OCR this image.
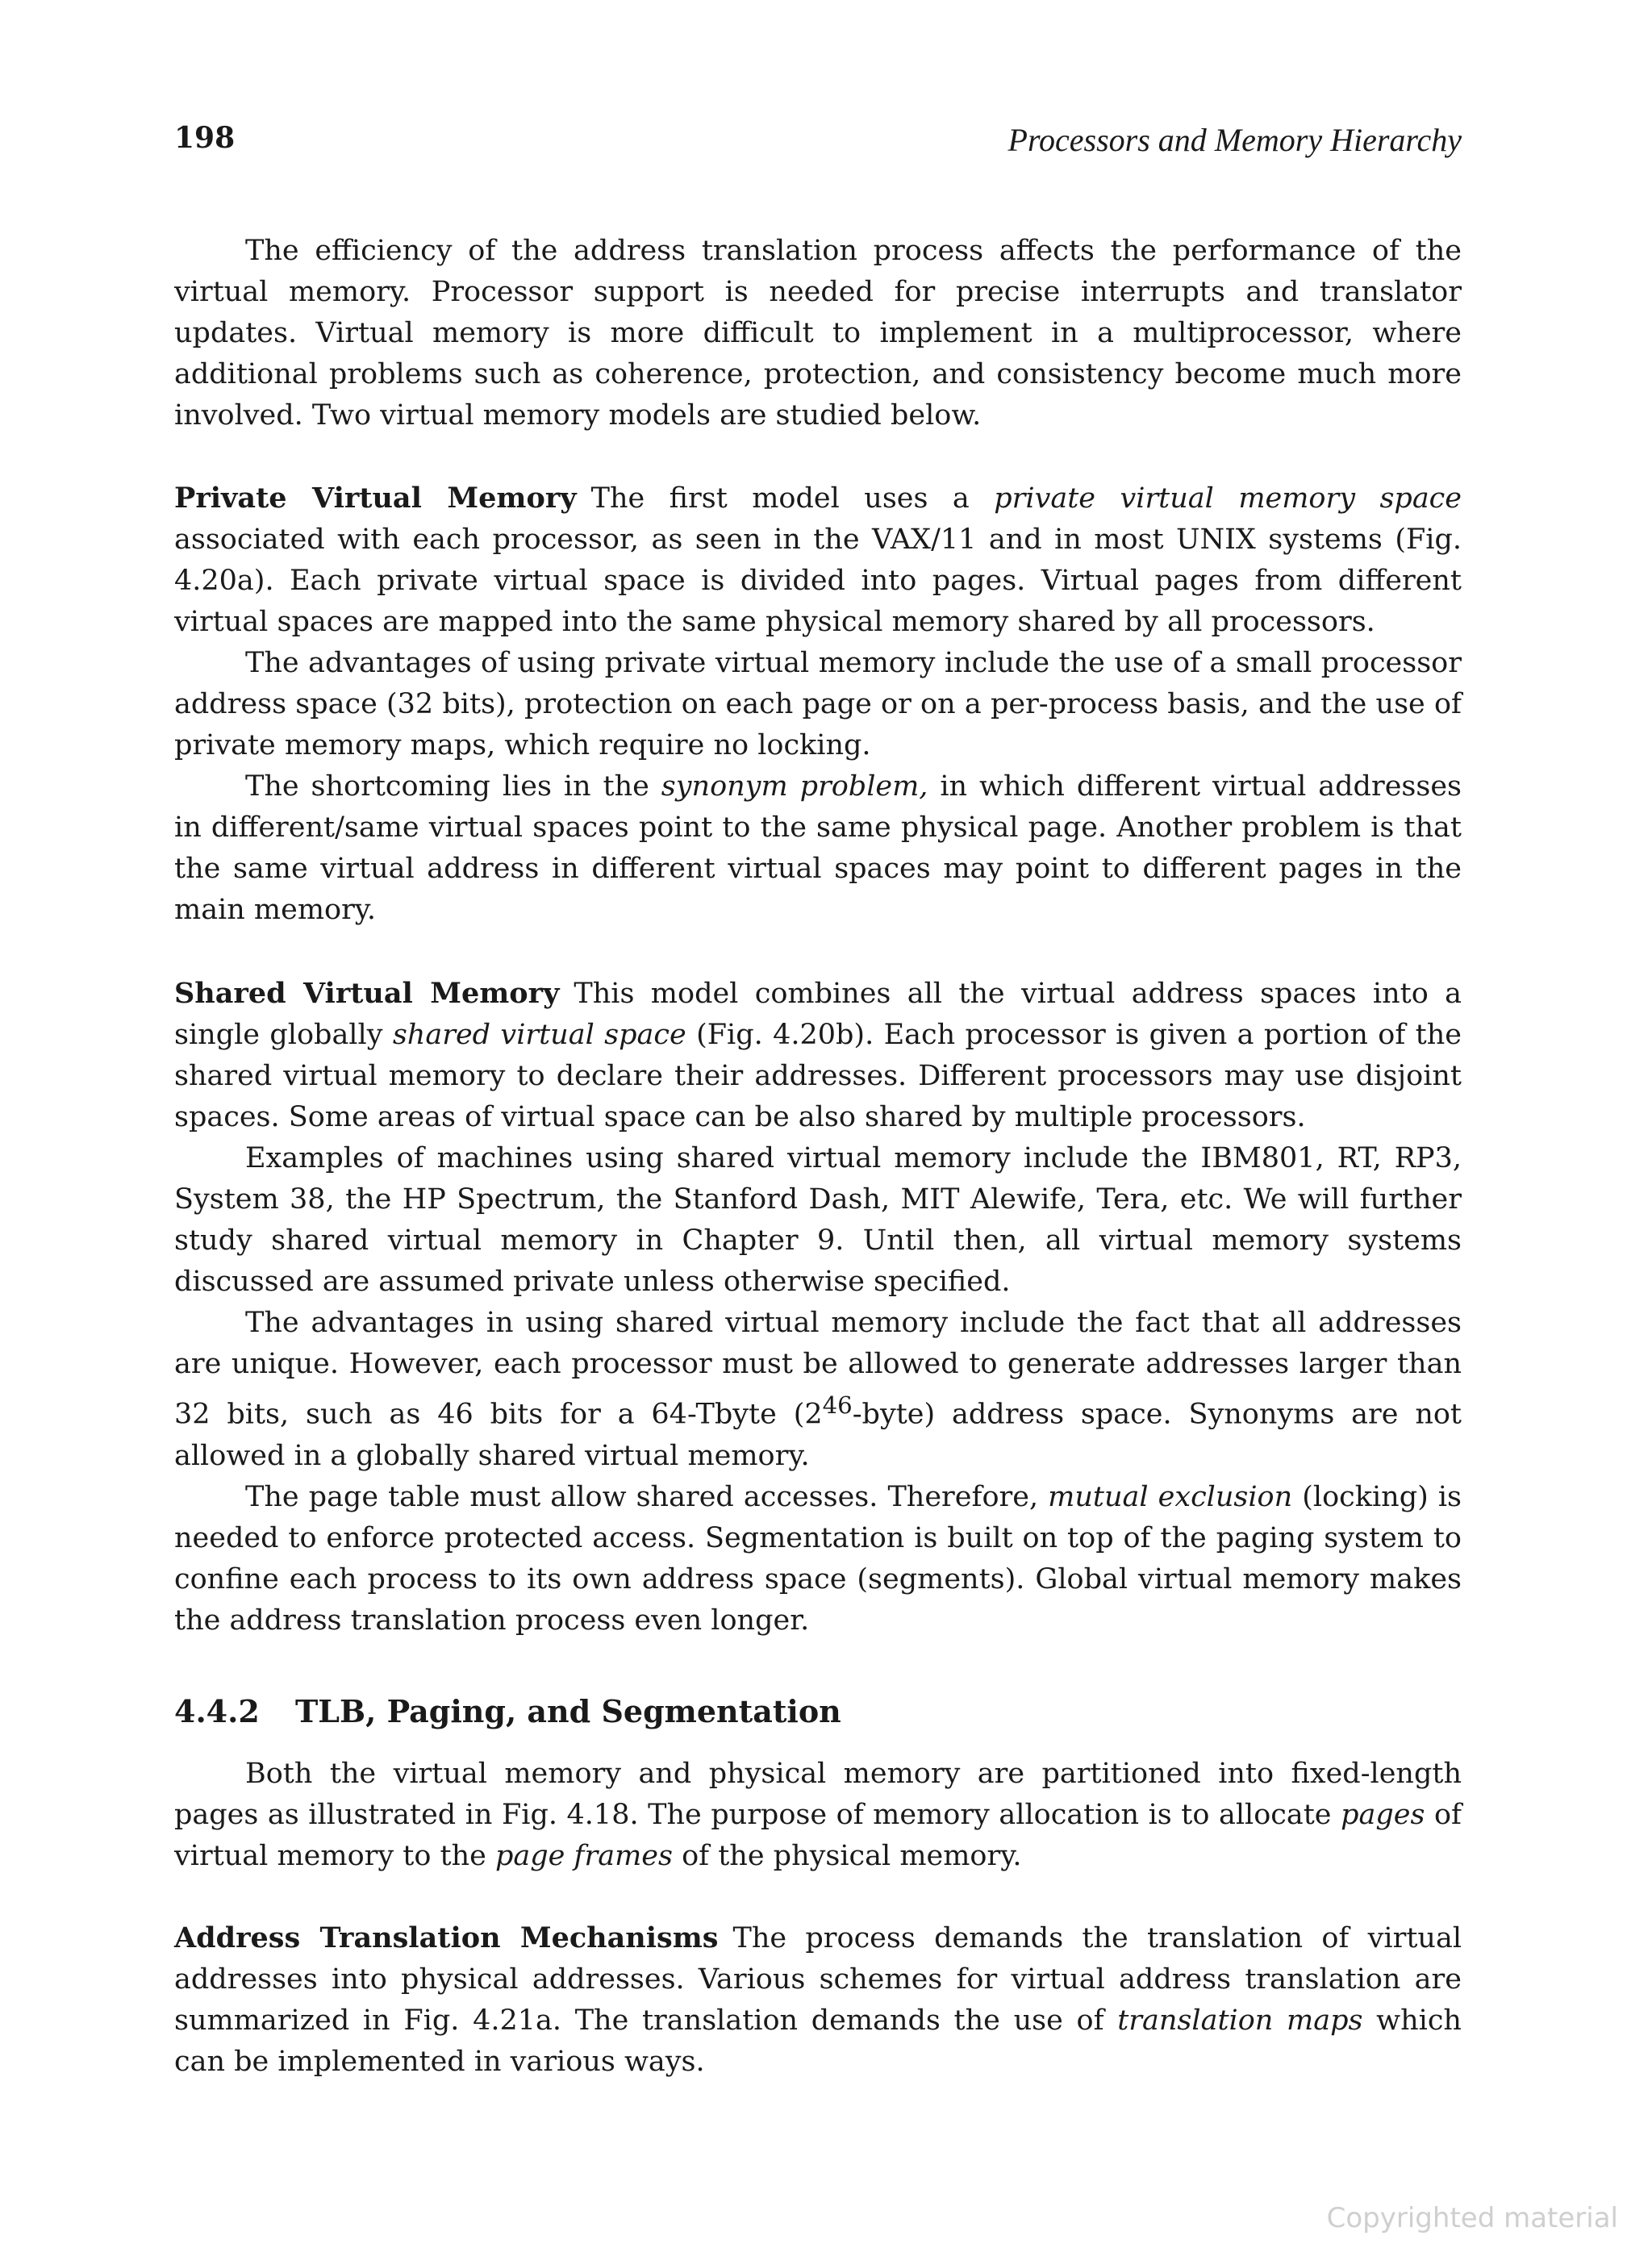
198	Processors and Memory Hierarchy

The efficiency of the address translation process affects the performance of the virtual memory. Processor support is needed for precise interrupts and translator updates. Virtual memory is more difficult to implement in a multiprocessor, where additional problems such as coherence, protection, and consistency become much more involved. Two virtual memory models are studied below.

Private Virtual Memory The first model uses a private virtual memory space associated with each processor, as seen in the VAX/11 and in most UNIX systems (Fig. 4.20a). Each private virtual space is divided into pages. Virtual pages from different virtual spaces are mapped into the same physical memory shared by all processors.

The advantages of using private virtual memory include the use of a small processor address space (32 bits), protection on each page or on a per-process basis, and the use of private memory maps, which require no locking.

The shortcoming lies in the synonym problem, in which different virtual addresses in different/same virtual spaces point to the same physical page. Another problem is that the same virtual address in different virtual spaces may point to different pages in the main memory.

Shared Virtual Memory This model combines all the virtual address spaces into a single globally shared virtual space (Fig. 4.20b). Each processor is given a portion of the shared virtual memory to declare their addresses. Different processors may use disjoint spaces. Some areas of virtual space can be also shared by multiple processors.

Examples of machines using shared virtual memory include the IBM801, RT, RP3, System 38, the HP Spectrum, the Stanford Dash, MIT Alewife, Tera, etc. We will further study shared virtual memory in Chapter 9. Until then, all virtual memory systems discussed are assumed private unless otherwise specified.

The advantages in using shared virtual memory include the fact that all addresses are unique. However, each processor must be allowed to generate addresses larger than 32 bits, such as 46 bits for a 64-Tbyte $(2^{46}-byte)$ address space. Synonyms are not allowed in a globally shared virtual memory.

The page table must allow shared accesses. Therefore, mutual exclusion (locking) is needed to enforce protected access. Segmentation is built on top of the paging system to confine each process to its own address space (segments). Global virtual memory makes the address translation process even longer.

4.4.2 TLB, Paging, and Segmentation

Both the virtual memory and physical memory are partitioned into fixed-length pages as illustrated in Fig. 4.18. The purpose of memory allocation is to allocate pages of virtual memory to the page frames of the physical memory.

Address Translation Mechanisms The process demands the translation of virtual addresses into physical addresses. Various schemes for virtual address translation are summarized in Fig. 4.21a. The translation demands the use of translation maps which can be implemented in various ways.

Copyrighted material
